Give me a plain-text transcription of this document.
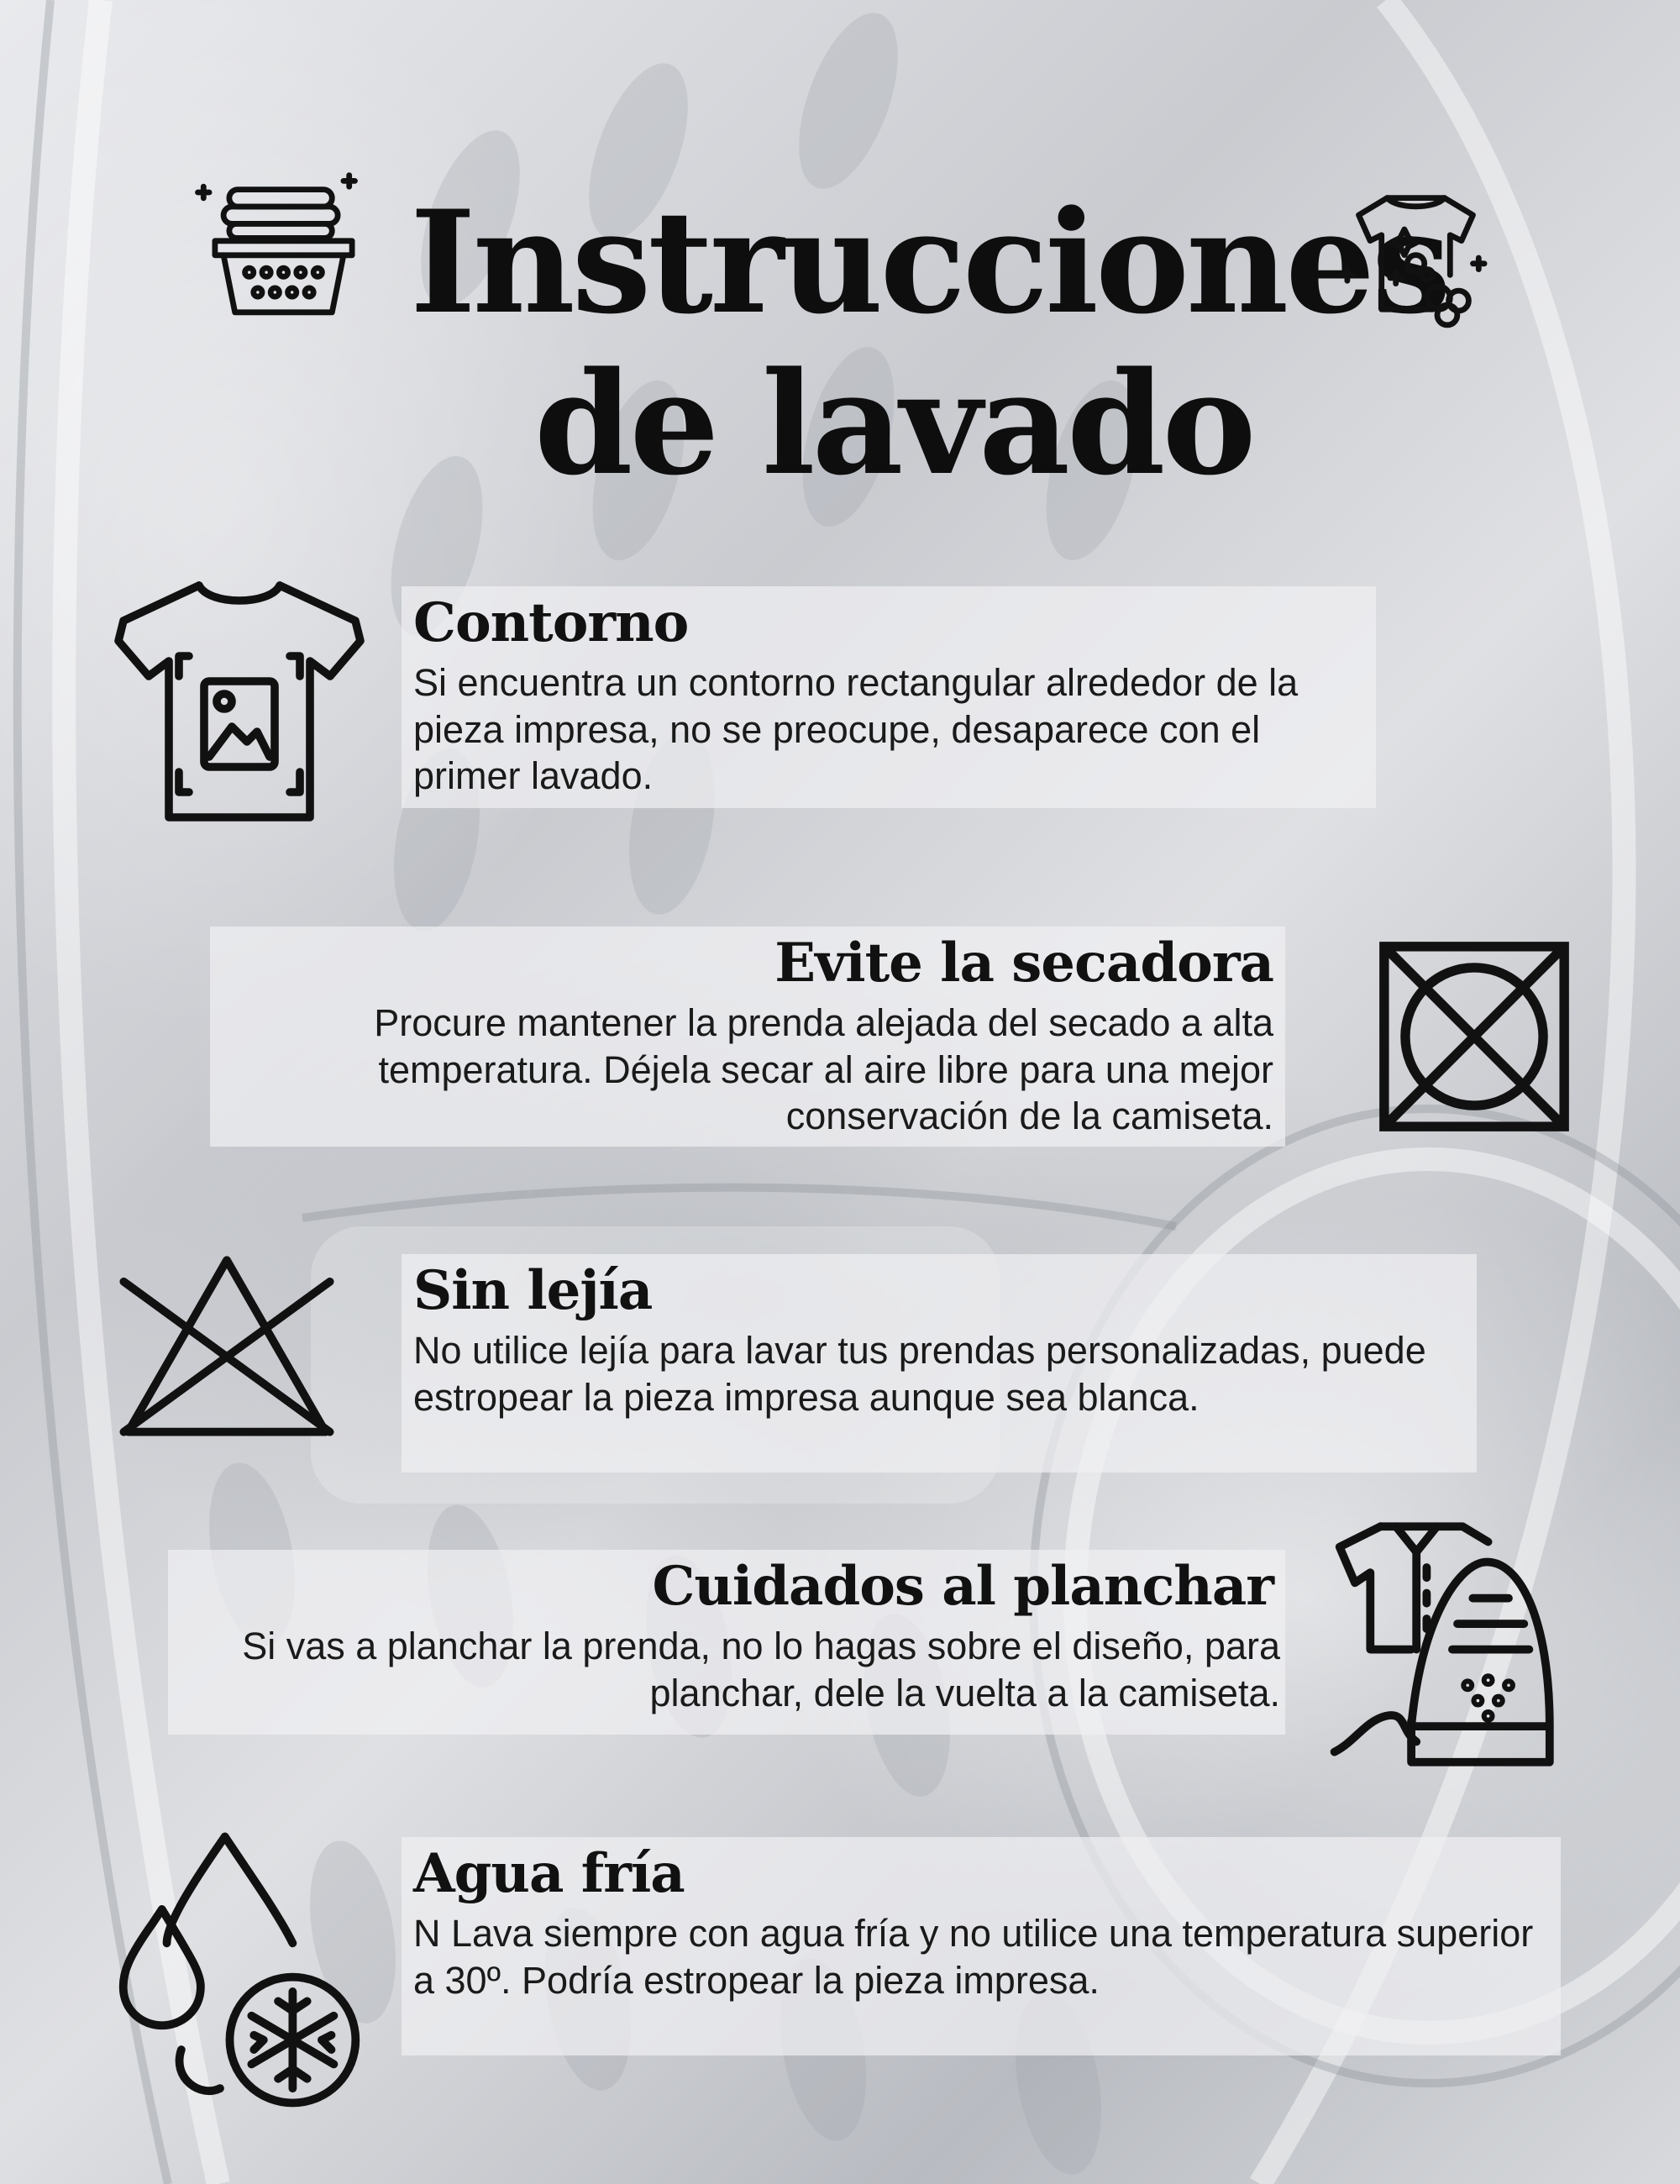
Instrucciones
de lavado
Contorno

Si encuentra un contorno rectangular alrededor de la pieza impresa, no se preocupe, desaparece con el primer lavado.

Evite la secadora

Procure mantener la prenda alejada del secado a alta temperatura. Déjela secar al aire libre para una mejor conservación de la camiseta.

Sin lejía

No utilice lejía para lavar tus prendas personalizadas, puede estropear la pieza impresa aunque sea blanca.

Cuidados al planchar

Si vas a planchar la prenda, no lo hagas sobre el diseño, para planchar, dele la vuelta a la camiseta.

Agua fría

N Lava siempre con agua fría y no utilice una temperatura superior a 30º. Podría estropear la pieza impresa.
